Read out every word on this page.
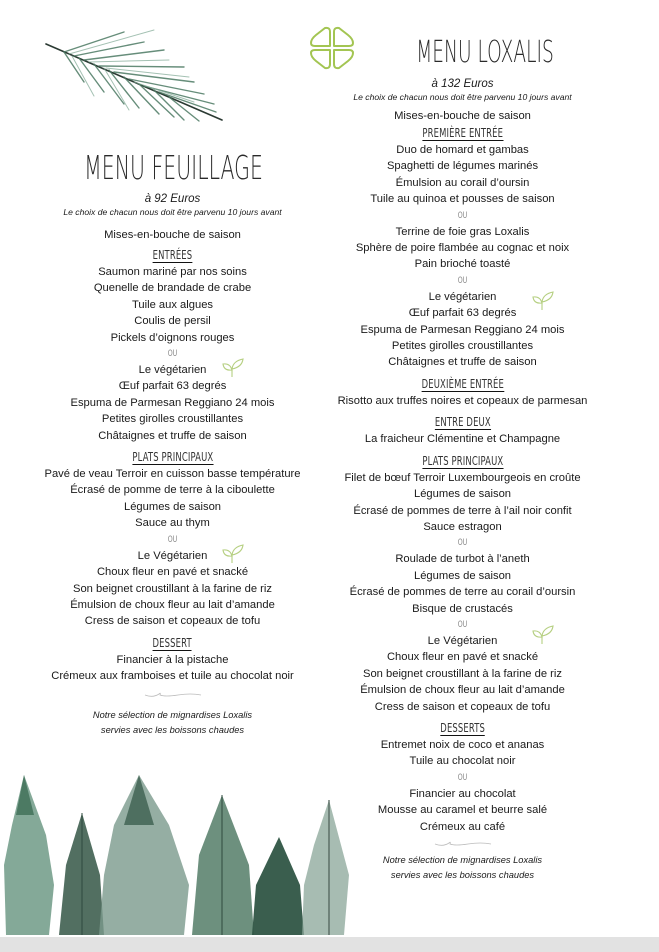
MENU FEUILLAGE
à 92 Euros
Le choix de chacun nous doit être parvenu 10 jours avant
Mises-en-bouche de saison
ENTRÉES
Saumon mariné par nos soins
Quenelle de brandade de crabe
Tuile aux algues
Coulis de persil
Pickels d’oignons rouges
OU
Le végétarien
Œuf parfait 63 degrés
Espuma de Parmesan Reggiano 24 mois
Petites girolles croustillantes
Châtaignes et truffe de saison
PLATS PRINCIPAUX
Pavé de veau Terroir en cuisson basse température
Écrasé de pomme de terre à la ciboulette
Légumes de saison
Sauce au thym
OU
Le Végétarien
Choux fleur en pavé et snacké
Son beignet croustillant à la farine de riz
Émulsion de choux fleur au lait d’amande
Cress de saison et copeaux de tofu
DESSERT
Financier à la pistache
Crémeux aux framboises et tuile au chocolat noir
Notre sélection de mignardises Loxalis
servies avec les boissons chaudes
MENU LOXALIS
à 132 Euros
Le choix de chacun nous doit être parvenu 10 jours avant
Mises-en-bouche de saison
PREMIÈRE ENTRÉE
Duo de homard et gambas
Spaghetti de légumes marinés
Émulsion au corail d’oursin
Tuile au quinoa et pousses de saison
OU
Terrine de foie gras Loxalis
Sphère de poire flambée au cognac et noix
Pain brioché toasté
OU
Le végétarien
Œuf parfait 63 degrés
Espuma de Parmesan Reggiano 24 mois
Petites girolles croustillantes
Châtaignes et truffe de saison
DEUXIÈME ENTRÉE
Risotto aux truffes noires et copeaux de parmesan
ENTRE DEUX
La fraicheur Clémentine et Champagne
PLATS PRINCIPAUX
Filet de bœuf Terroir Luxembourgeois en croûte
Légumes de saison
Écrasé de pommes de terre à l’ail noir confit
Sauce estragon
OU
Roulade de turbot à l’aneth
Légumes de saison
Écrasé de pommes de terre au corail d’oursin
Bisque de crustacés
OU
Le Végétarien
Choux fleur en pavé et snacké
Son beignet croustillant à la farine de riz
Émulsion de choux fleur au lait d’amande
Cress de saison et copeaux de tofu
DESSERTS
Entremet noix de coco et ananas
Tuile au chocolat noir
OU
Financier au chocolat
Mousse au caramel et beurre salé
Crémeux au café
Notre sélection de mignardises Loxalis
servies avec les boissons chaudes
